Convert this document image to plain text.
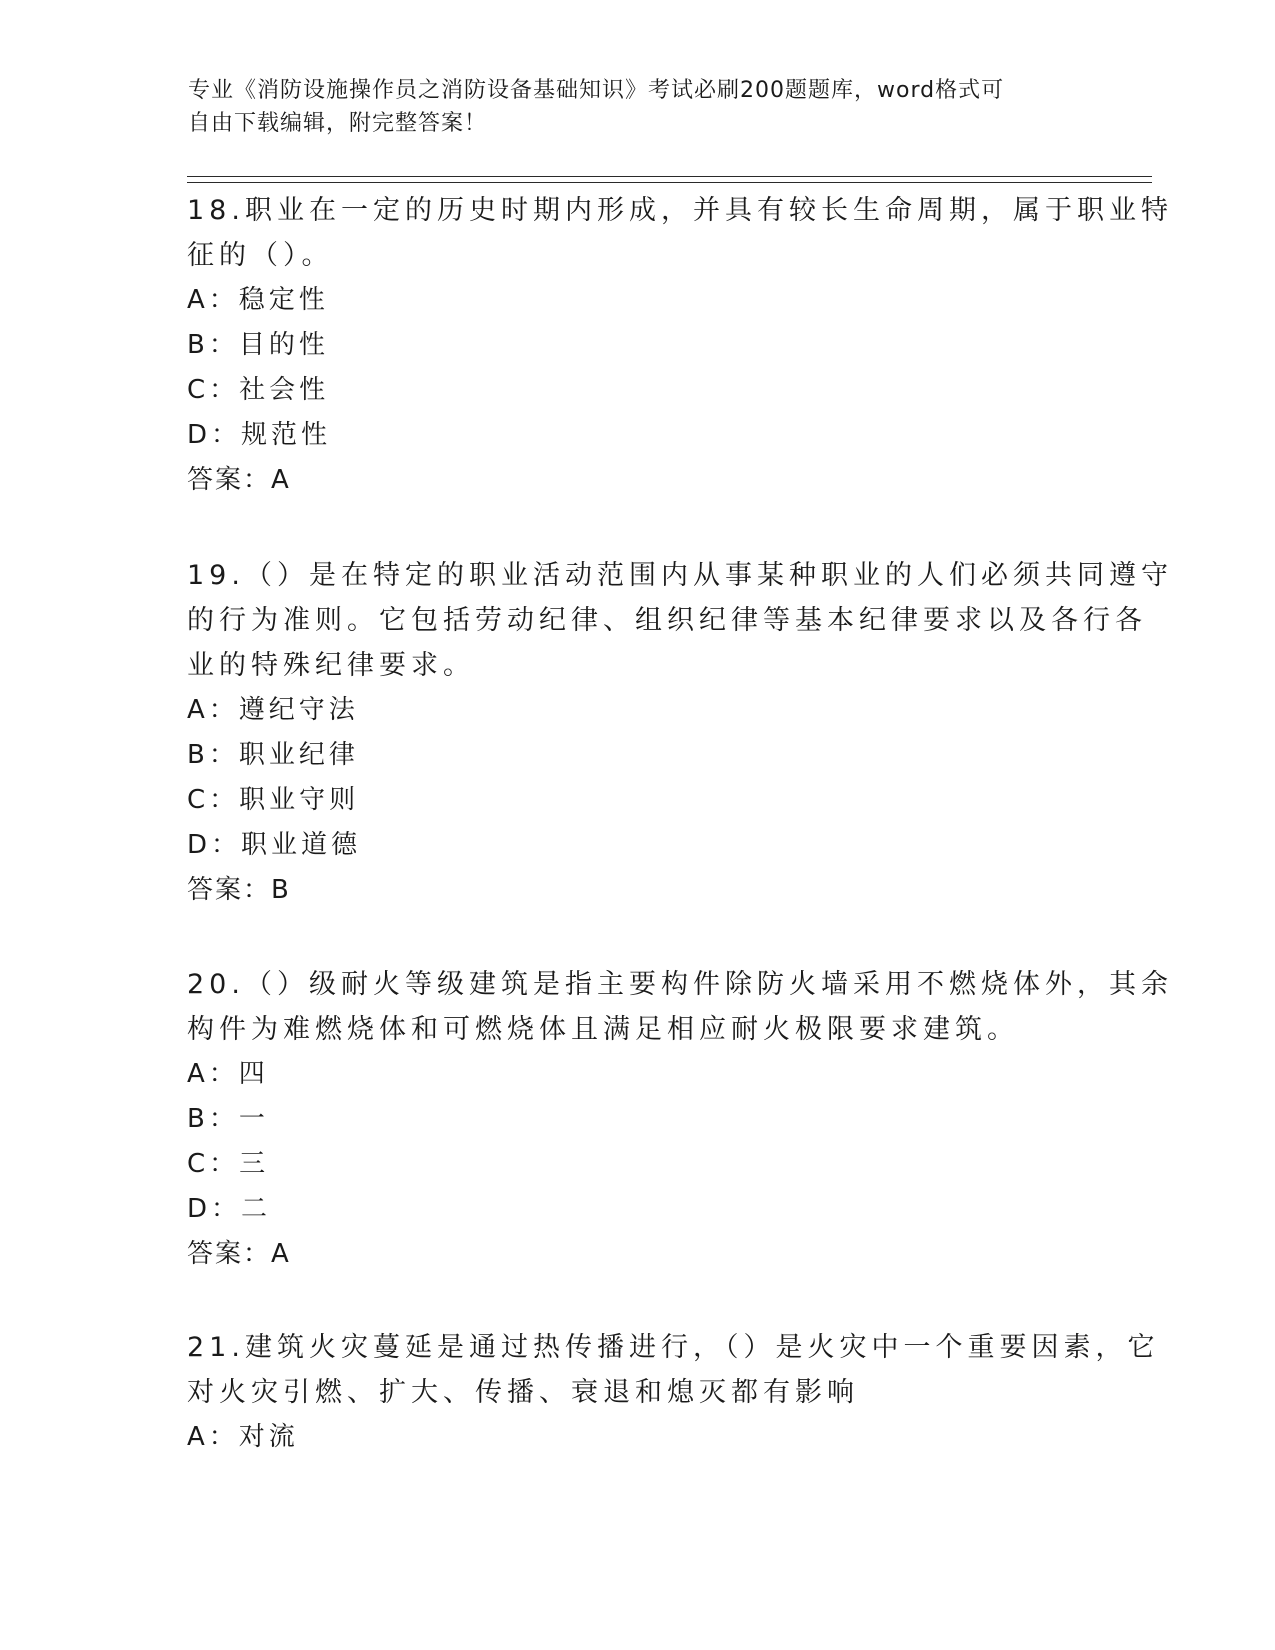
专业《消防设施操作员之消防设备基础知识》考试必刷200题题库，word格式可
自由下载编辑，附完整答案！
18.职业在一定的历史时期内形成，并具有较长生命周期，属于职业特
征的（）。
A：稳定性
B：目的性
C：社会性
D：规范性
答案：A
19.（）是在特定的职业活动范围内从事某种职业的人们必须共同遵守
的行为准则。它包括劳动纪律、组织纪律等基本纪律要求以及各行各
业的特殊纪律要求。
A：遵纪守法
B：职业纪律
C：职业守则
D：职业道德
答案：B
20.（）级耐火等级建筑是指主要构件除防火墙采用不燃烧体外，其余
构件为难燃烧体和可燃烧体且满足相应耐火极限要求建筑。
A：四
B：一
C：三
D：二
答案：A
21.建筑火灾蔓延是通过热传播进行，（）是火灾中一个重要因素，它
对火灾引燃、扩大、传播、衰退和熄灭都有影响
A：对流
